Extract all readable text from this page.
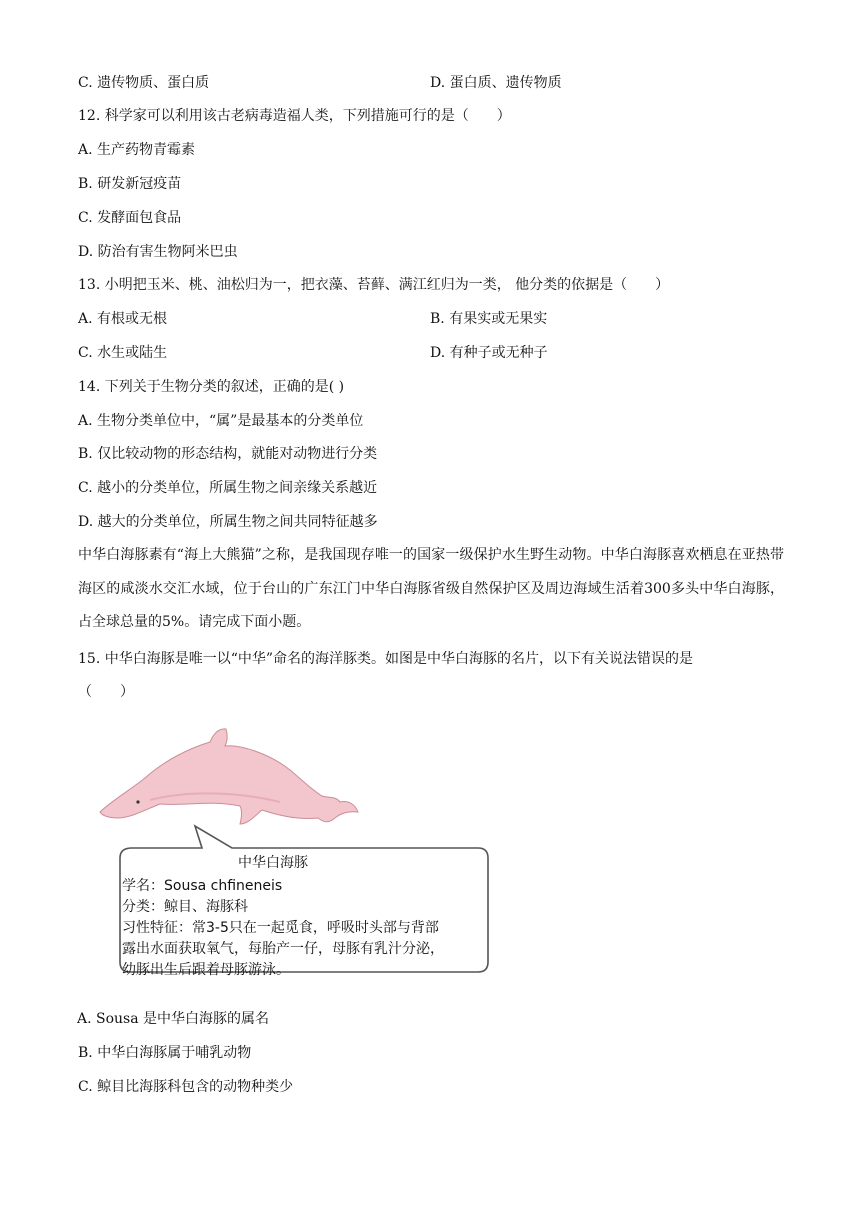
C. 遗传物质、蛋白质	D. 蛋白质、遗传物质
12. 科学家可以利用该古老病毒造福人类，下列措施可行的是（　　）
A. 生产药物青霉素
B. 研发新冠疫苗
C. 发酵面包食品
D. 防治有害生物阿米巴虫
13. 小明把玉米、桃、油松归为一，把衣藻、苔藓、满江红归为一类， 他分类的依据是（　　）
A. 有根或无根	B. 有果实或无果实
C. 水生或陆生	D. 有种子或无种子
14. 下列关于生物分类的叙述，正确的是( )
A. 生物分类单位中，“属”是最基本的分类单位
B. 仅比较动物的形态结构，就能对动物进行分类
C. 越小的分类单位，所属生物之间亲缘关系越近
D. 越大的分类单位，所属生物之间共同特征越多
中华白海豚素有“海上大熊猫”之称，是我国现存唯一的国家一级保护水生野生动物。中华白海豚喜欢栖息在亚热带海区的咸淡水交汇水域，位于台山的广东江门中华白海豚省级自然保护区及周边海域生活着300多头中华白海豚，占全球总量的5%。请完成下面小题。
15. 中华白海豚是唯一以“中华”命名的海洋豚类。如图是中华白海豚的名片，以下有关说法错误的是
（　　）
中华白海豚
学名：Sousa chfineneis
分类：鲸目、海豚科
习性特征：常3-5只在一起觅食，呼吸时头部与背部
露出水面获取氧气，每胎产一仔，母豚有乳汁分泌，
幼豚出生后跟着母豚游泳。
A. Sousa 是中华白海豚的属名
B. 中华白海豚属于哺乳动物
C. 鲸目比海豚科包含的动物种类少
